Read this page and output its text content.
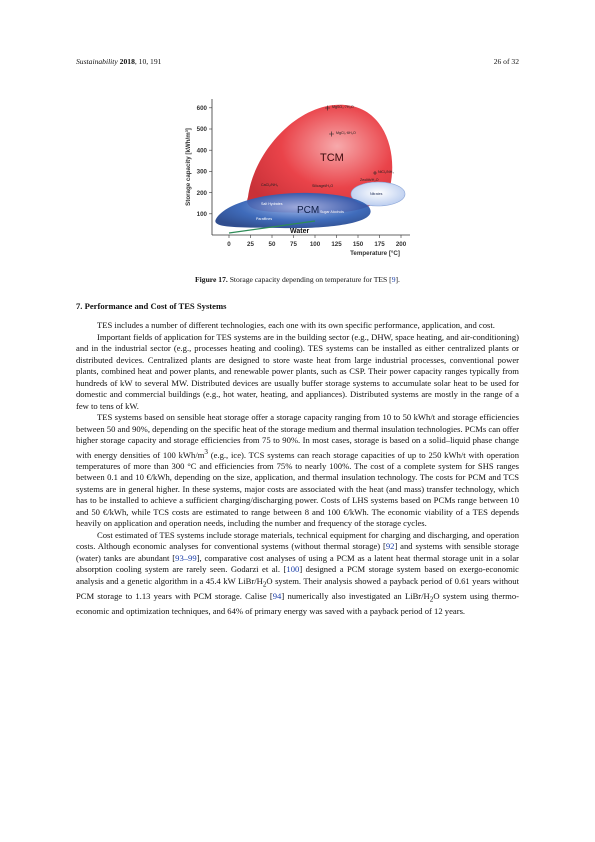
Sustainability 2018, 10, 191	26 of 32
100
200
300
400
500
600
0	25 50 75 100 125 150 175 200
Storage capacity [kWh/m³]
Temperature [°C]
TCM
PCM
Water
MgSO₄·7H₂O
MgCl₂·6H₂O
NiCl₂/NH₃
Zeolith/H₂O
CaCl₂/NH₃	Silicagel/H₂O
Salt Hydrates
Paraffines
Sugar Alcohols
Nitrates
Figure 17. Storage capacity depending on temperature for TES [9].
7. Performance and Cost of TES Systems

TES includes a number of different technologies, each one with its own specific performance, application, and cost.

Important fields of application for TES systems are in the building sector (e.g., DHW, space heating, and air-conditioning) and in the industrial sector (e.g., processes heating and cooling). TES systems can be installed as either centralized plants or distributed devices. Centralized plants are designed to store waste heat from large industrial processes, conventional power plants, combined heat and power plants, and renewable power plants, such as CSP. Their power capacity ranges typically from hundreds of kW to several MW. Distributed devices are usually buffer storage systems to accumulate solar heat to be used for domestic and commercial buildings (e.g., hot water, heating, and appliances). Distributed systems are mostly in the range of a few to tens of kW.

TES systems based on sensible heat storage offer a storage capacity ranging from 10 to 50 kWh/t and storage efficiencies between 50 and 90%, depending on the specific heat of the storage medium and thermal insulation technologies. PCMs can offer higher storage capacity and storage efficiencies from 75 to 90%. In most cases, storage is based on a solid–liquid phase change with energy densities of 100 kWh/$m^3$ (e.g., ice). TCS systems can reach storage capacities of up to 250 kWh/t with operation temperatures of more than 300 °C and efficiencies from 75% to nearly 100%. The cost of a complete system for SHS ranges between 0.1 and 10 €/kWh, depending on the size, application, and thermal insulation technology. The costs for PCM and TCS systems are in general higher. In these systems, major costs are associated with the heat (and mass) transfer technology, which has to be installed to achieve a sufficient charging/discharging power. Costs of LHS systems based on PCMs range between 10 and 50 €/kWh, while TCS costs are estimated to range between 8 and 100 €/kWh. The economic viability of a TES depends heavily on application and operation needs, including the number and frequency of the storage cycles.

Cost estimated of TES systems include storage materials, technical equipment for charging and discharging, and operation costs. Although economic analyses for conventional systems (without thermal storage) [92] and systems with sensible storage (water) tanks are abundant [93–99], comparative cost analyses of using a PCM as a latent heat thermal storage unit in a solar absorption cooling system are rarely seen. Godarzi et al. [100] designed a PCM storage system based on exergo-economic analysis and a genetic algorithm in a 45.4 kW LiBr/$H_2O$ system. Their analysis showed a payback period of 0.61 years without PCM storage to 1.13 years with PCM storage. Calise [94] numerically also investigated an LiBr/$H_2O$ system using thermo-economic and optimization techniques, and 64% of primary energy was saved with a payback period of 12 years.
